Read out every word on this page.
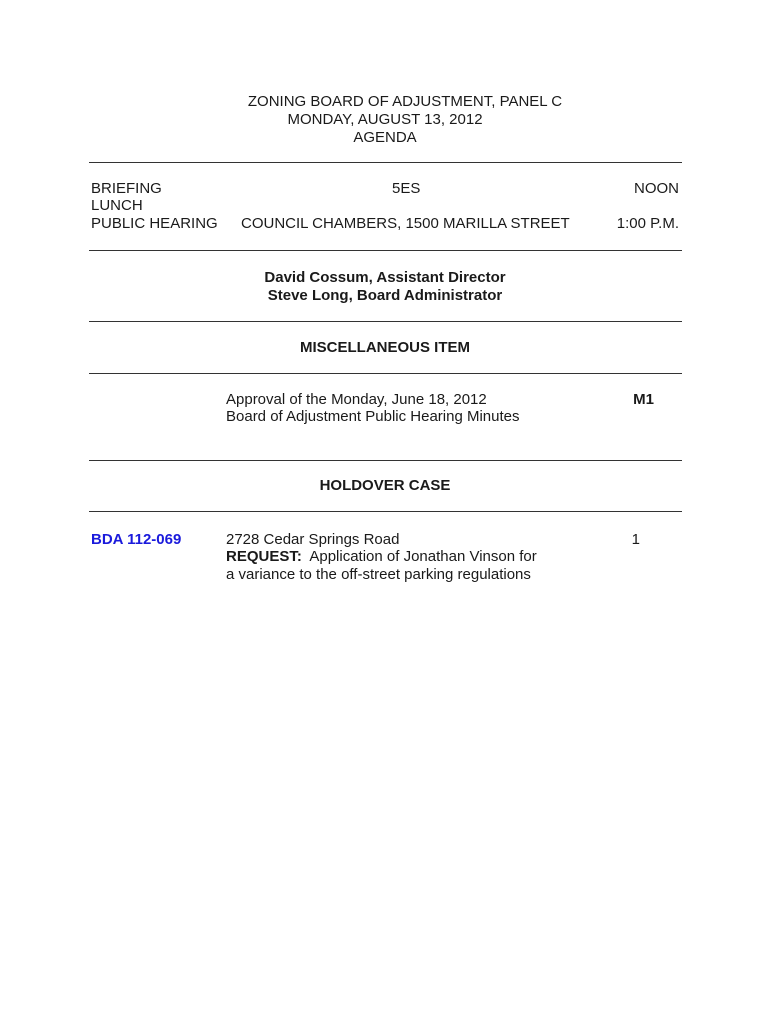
ZONING BOARD OF ADJUSTMENT, PANEL C
MONDAY, AUGUST 13, 2012
AGENDA
BRIEFING
LUNCH
PUBLIC HEARING
5ES
COUNCIL CHAMBERS, 1500 MARILLA STREET
NOON
1:00 P.M.
David Cossum, Assistant Director
Steve Long, Board Administrator
MISCELLANEOUS ITEM
Approval of the Monday, June 18, 2012
Board of Adjustment Public Hearing Minutes
M1
HOLDOVER CASE
BDA 112-069	2728 Cedar Springs Road
REQUEST: Application of Jonathan Vinson for
a variance to the off-street parking regulations
1
